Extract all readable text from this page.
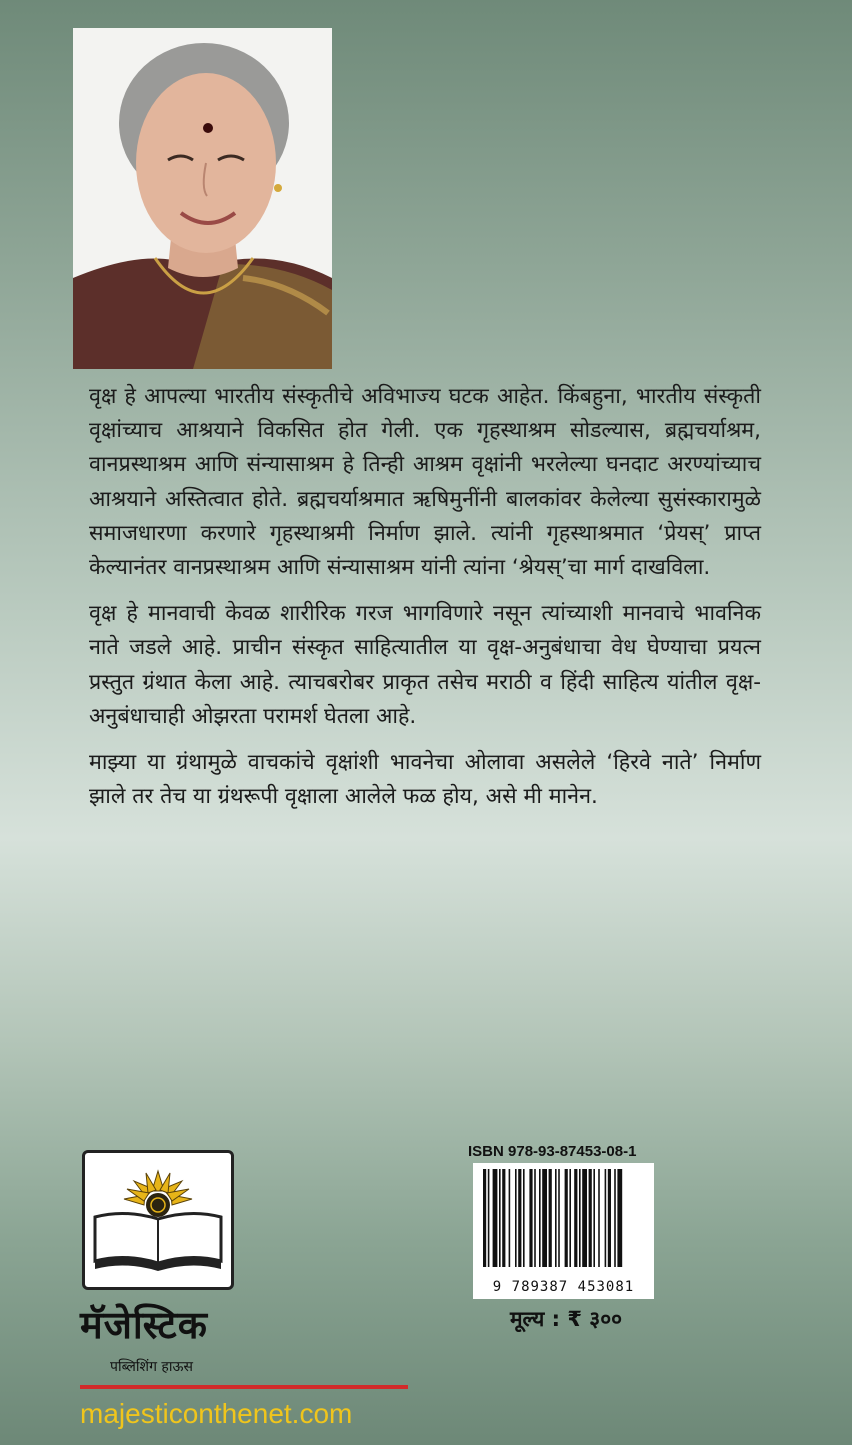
वृक्ष हे आपल्या भारतीय संस्कृतीचे अविभाज्य घटक आहेत. किंबहुना, भारतीय संस्कृती वृक्षांच्याच आश्रयाने विकसित होत गेली. एक गृहस्थाश्रम सोडल्यास, ब्रह्मचर्याश्रम, वानप्रस्थाश्रम आणि संन्यासाश्रम हे तिन्ही आश्रम वृक्षांनी भरलेल्या घनदाट अरण्यांच्याच आश्रयाने अस्तित्वात होते. ब्रह्मचर्याश्रमात ऋषिमुनींनी बालकांवर केलेल्या सुसंस्कारामुळे समाजधारणा करणारे गृहस्थाश्रमी निर्माण झाले. त्यांनी गृहस्थाश्रमात ‘प्रेयस्’ प्राप्त केल्यानंतर वानप्रस्थाश्रम आणि संन्यासाश्रम यांनी त्यांना ‘श्रेयस्’चा मार्ग दाखविला.

वृक्ष हे मानवाची केवळ शारीरिक गरज भागविणारे नसून त्यांच्याशी मानवाचे भावनिक नाते जडले आहे. प्राचीन संस्कृत साहित्यातील या वृक्ष-अनुबंधाचा वेध घेण्याचा प्रयत्न प्रस्तुत ग्रंथात केला आहे. त्याचबरोबर प्राकृत तसेच मराठी व हिंदी साहित्य यांतील वृक्ष-अनुबंधाचाही ओझरता परामर्श घेतला आहे.

माझ्या या ग्रंथामुळे वाचकांचे वृक्षांशी भावनेचा ओलावा असलेले ‘हिरवे नाते’ निर्माण झाले तर तेच या ग्रंथरूपी वृक्षाला आलेले फळ होय, असे मी मानेन.

मॅजेस्टिक
पब्लिशिंग हाऊस
majesticonthenet.com
ISBN 978-93-87453-08-1
9 789387 453081
मूल्य : ₹ ३००
